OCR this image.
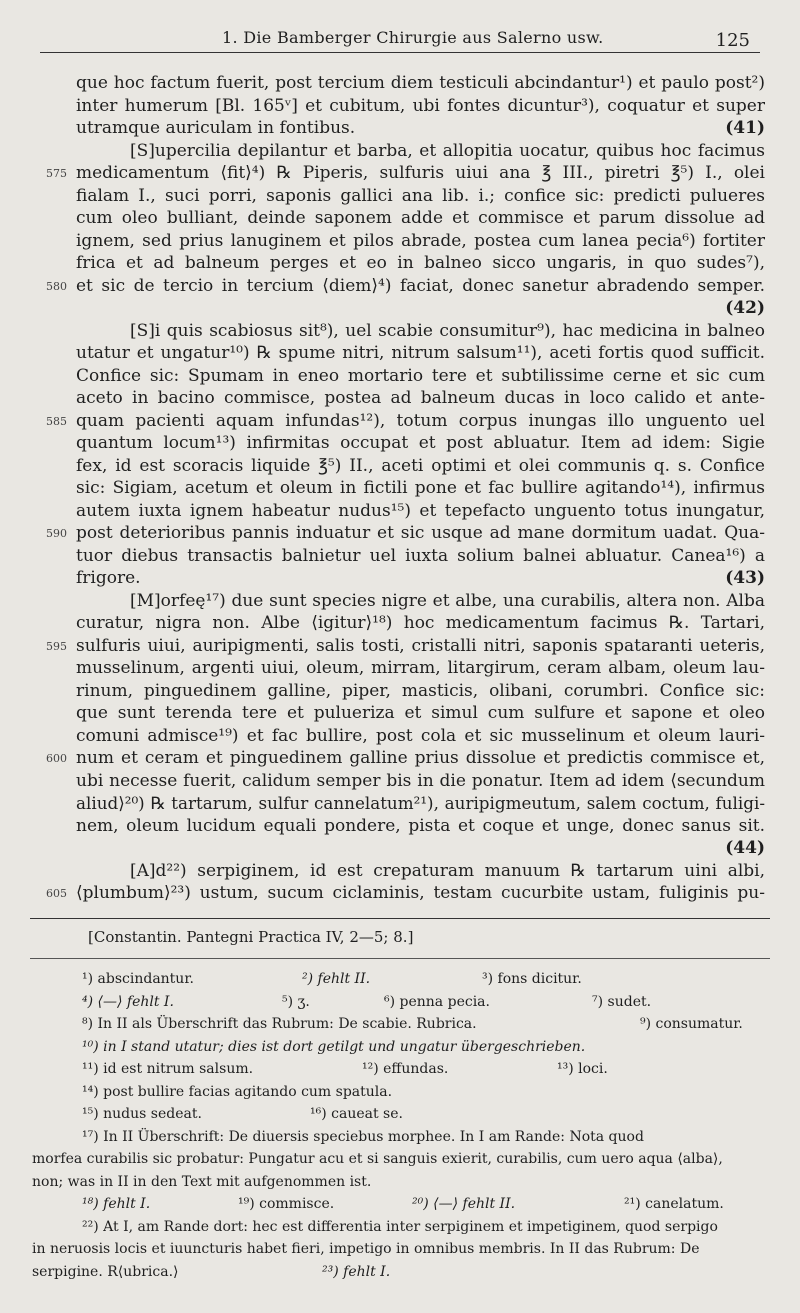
1. Die Bamberger Chirurgie aus Salerno usw.	125
que hoc factum fuerit, post tercium diem testiculi abcindantur¹) et paulo post²)
inter humerum [Bl. 165ᵛ] et cubitum, ubi fontes dicuntur³), coquatur et super
utramque auriculam in fontibus.	(41)
[S]upercilia depilantur et barba, et allopitia uocatur, quibus hoc facimus
575 medicamentum ⟨fit⟩⁴) ℞ Piperis, sulfuris uiui ana ℥ III., piretri ℥⁵) I., olei
fialam I., suci porri, saponis gallici ana lib. i.; confice sic: predicti pulueres
cum oleo bulliant, deinde saponem adde et commisce et parum dissolue ad
ignem, sed prius lanuginem et pilos abrade, postea cum lanea pecia⁶) fortiter
frica et ad balneum perges et eo in balneo sicco ungaris, in quo sudes⁷),
580 et sic de tercio in tercium ⟨diem⟩⁴) faciat, donec sanetur abradendo semper.
(42)
[S]i quis scabiosus sit⁸), uel scabie consumitur⁹), hac medicina in balneo
utatur et ungatur¹⁰) ℞ spume nitri, nitrum salsum¹¹), aceti fortis quod sufficit.
Confice sic: Spumam in eneo mortario tere et subtilissime cerne et sic cum
aceto in bacino commisce, postea ad balneum ducas in loco calido et ante-
585 quam pacienti aquam infundas¹²), totum corpus inungas illo unguento uel
quantum locum¹³) infirmitas occupat et post abluatur. Item ad idem: Sigie
fex, id est scoracis liquide ℥⁵) II., aceti optimi et olei communis q. s. Confice
sic: Sigiam, acetum et oleum in fictili pone et fac bullire agitando¹⁴), infirmus
autem iuxta ignem habeatur nudus¹⁵) et tepefacto unguento totus inungatur,
590 post deterioribus pannis induatur et sic usque ad mane dormitum uadat. Qua-
tuor diebus transactis balnietur uel iuxta solium balnei abluatur. Canea¹⁶) a
frigore.	(43)
[M]orfeę¹⁷) due sunt species nigre et albe, una curabilis, altera non. Alba
curatur, nigra non. Albe ⟨igitur⟩¹⁸) hoc medicamentum facimus ℞. Tartari,
595 sulfuris uiui, auripigmenti, salis tosti, cristalli nitri, saponis spataranti ueteris,
musselinum, argenti uiui, oleum, mirram, litargirum, ceram albam, oleum lau-
rinum, pinguedinem galline, piper, masticis, olibani, corumbri. Confice sic:
que sunt terenda tere et pulueriza et simul cum sulfure et sapone et oleo
comuni admisce¹⁹) et fac bullire, post cola et sic musselinum et oleum lauri-
600 num et ceram et pinguedinem galline prius dissolue et predictis commisce et,
ubi necesse fuerit, calidum semper bis in die ponatur. Item ad idem ⟨secundum
aliud⟩²⁰) ℞ tartarum, sulfur cannelatum²¹), auripigmeutum, salem coctum, fuligi-
nem, oleum lucidum equali pondere, pista et coque et unge, donec sanus sit.
(44)
[A]d²²) serpiginem, id est crepaturam manuum ℞ tartarum uini albi,
605 ⟨plumbum⟩²³) ustum, sucum ciclaminis, testam cucurbite ustam, fuliginis pu-
[Constantin. Pantegni Practica IV, 2—5; 8.]
¹) abscindantur.	²) fehlt II.	³) fons dicitur.
⁴) ⟨—⟩ fehlt I.	⁵) ʒ.	⁶) penna pecia.	⁷) sudet.
⁸) In II als Überschrift das Rubrum: De scabie. Rubrica.	⁹) consumatur.
¹⁰) in I stand utatur; dies ist dort getilgt und ungatur übergeschrieben.
¹¹) id est nitrum salsum.	¹²) effundas.	¹³) loci.
¹⁴) post bullire facias agitando cum spatula.
¹⁵) nudus sedeat.	¹⁶) caueat se.
¹⁷) In II Überschrift: De diuersis speciebus morphee. In I am Rande: Nota quod
morfea curabilis sic probatur: Pungatur acu et si sanguis exierit, curabilis, cum uero aqua ⟨alba⟩,
non; was in II in den Text mit aufgenommen ist.
¹⁸) fehlt I.	¹⁹) commisce.	²⁰) ⟨—⟩ fehlt II.	²¹) canelatum.
²²) At I, am Rande dort: hec est differentia inter serpiginem et impetiginem, quod serpigo
in neruosis locis et iuuncturis habet fieri, impetigo in omnibus membris. In II das Rubrum: De
serpigine. R⟨ubrica.⟩	²³) fehlt I.
